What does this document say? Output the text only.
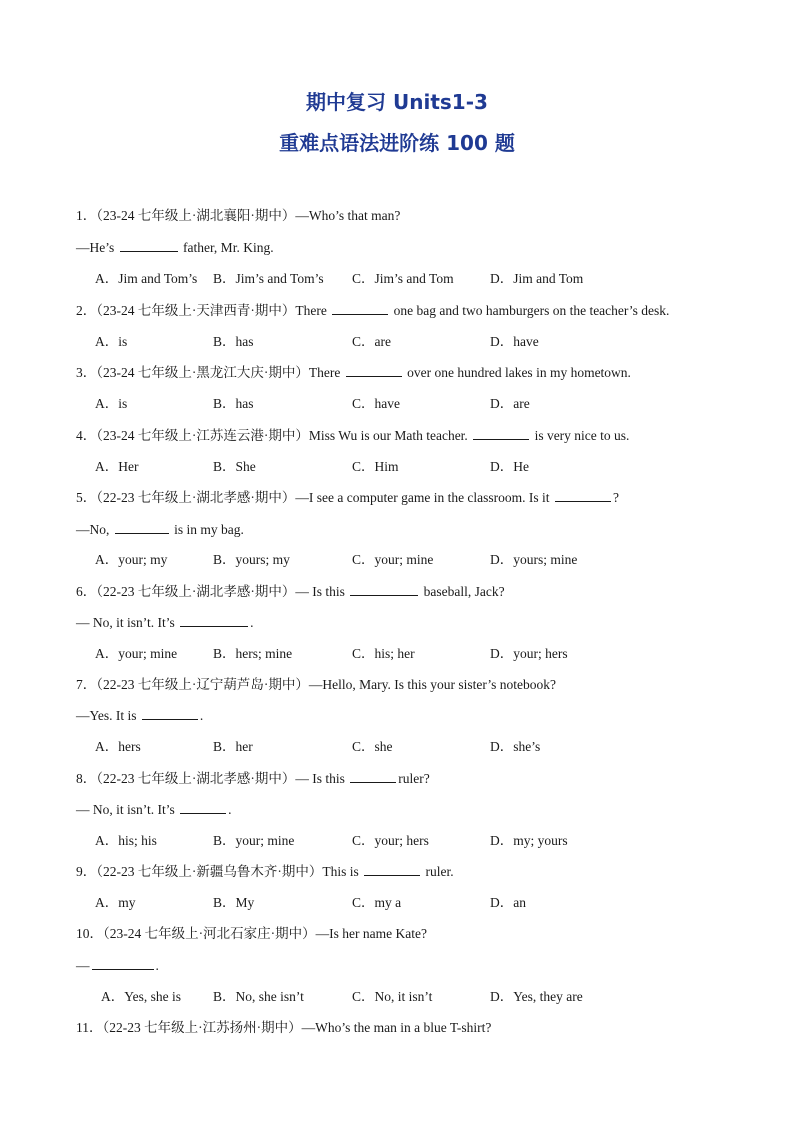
期中复习 Units1-3
重难点语法进阶练 100 题
1．（23-24 七年级上·湖北襄阳·期中）—Who’s that man?
—He’s	father, Mr. King.
A．Jim and Tom’s B．Jim’s and Tom’s C．Jim’s and Tom	D．Jim and Tom
2．（23-24 七年级上·天津西青·期中）There	one bag and two hamburgers on the teacher’s desk.
A．is	B．has	C．are	D．have
3．（23-24 七年级上·黑龙江大庆·期中）There	over one hundred lakes in my hometown.
A．is	B．has	C．have	D．are
4．（23-24 七年级上·江苏连云港·期中）Miss Wu is our Math teacher.	is very nice to us.
A．Her	B．She	C．Him	D．He
5．（22-23 七年级上·湖北孝感·期中）—I see a computer game in the classroom. Is it	?
—No,	is in my bag.
A．your; my	B．yours; my	C．your; mine	D．yours; mine
6．（22-23 七年级上·湖北孝感·期中）— Is this	baseball, Jack?
— No, it isn’t. It’s	.
A．your; mine	B．hers; mine	C．his; her	D．your; hers
7．（22-23 七年级上·辽宁葫芦岛·期中）—Hello, Mary. Is this your sister’s notebook?
—Yes. It is	.
A．hers	B．her	C．she	D．she’s
8．（22-23 七年级上·湖北孝感·期中）— Is this	ruler?
— No, it isn’t. It’s	.
A．his; his	B．your; mine	C．your; hers	D．my; yours
9．（22-23 七年级上·新疆乌鲁木齐·期中）This is	ruler.
A．my	B．My	C．my a	D．an
10．（23-24 七年级上·河北石家庄·期中）—Is her name Kate?
—	.
A．Yes, she is B．No, she isn’t	C．No, it isn’t	D．Yes, they are
11．（22-23 七年级上·江苏扬州·期中）—Who’s the man in a blue T-shirt?
